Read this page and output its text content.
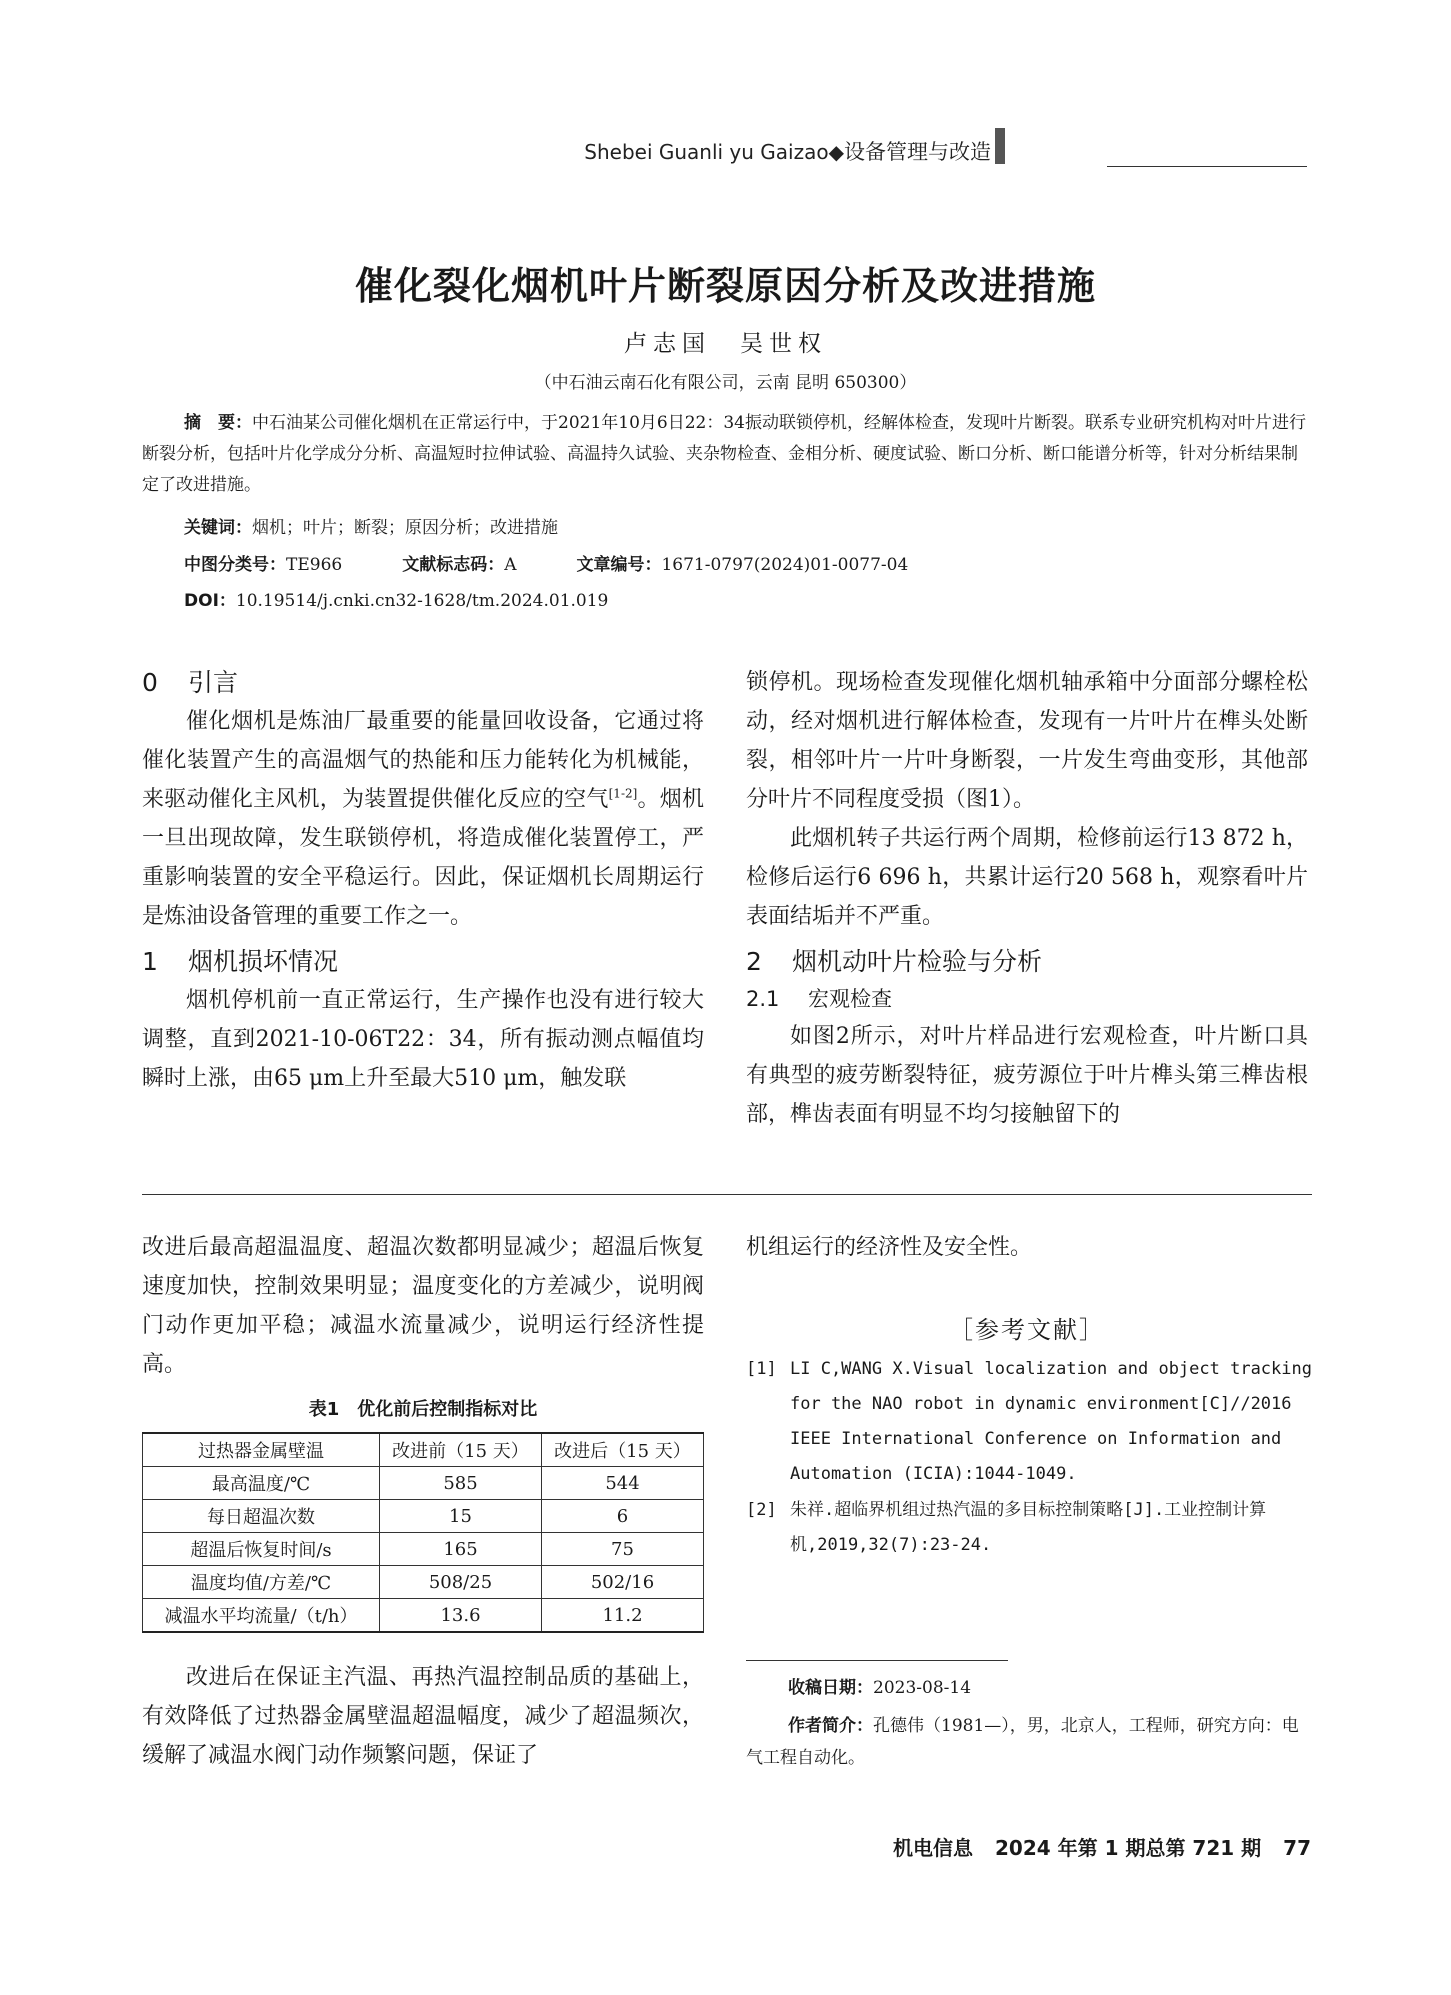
Shebei Guanli yu Gaizao◆设备管理与改造
催化裂化烟机叶片断裂原因分析及改进措施
卢志国　吴世权
（中石油云南石化有限公司，云南 昆明 650300）
摘　要：中石油某公司催化烟机在正常运行中，于2021年10月6日22：34振动联锁停机，经解体检查，发现叶片断裂。联系专业研究机构对叶片进行断裂分析，包括叶片化学成分分析、高温短时拉伸试验、高温持久试验、夹杂物检查、金相分析、硬度试验、断口分析、断口能谱分析等，针对分析结果制定了改进措施。
关键词：烟机；叶片；断裂；原因分析；改进措施
中图分类号：TE966	文献标志码：A	文章编号：1671-0797(2024)01-0077-04
DOI：10.19514/j.cnki.cn32-1628/tm.2024.01.019
0 引言
催化烟机是炼油厂最重要的能量回收设备，它通过将催化装置产生的高温烟气的热能和压力能转化为机械能，来驱动催化主风机，为装置提供催化反应的空气[1-2]。烟机一旦出现故障，发生联锁停机，将造成催化装置停工，严重影响装置的安全平稳运行。因此，保证烟机长周期运行是炼油设备管理的重要工作之一。
1 烟机损坏情况
烟机停机前一直正常运行，生产操作也没有进行较大调整，直到2021-10-06T22：34，所有振动测点幅值均瞬时上涨，由65 μm上升至最大510 μm，触发联
锁停机。现场检查发现催化烟机轴承箱中分面部分螺栓松动，经对烟机进行解体检查，发现有一片叶片在榫头处断裂，相邻叶片一片叶身断裂，一片发生弯曲变形，其他部分叶片不同程度受损（图1）。
此烟机转子共运行两个周期，检修前运行13 872 h，检修后运行6 696 h，共累计运行20 568 h，观察看叶片表面结垢并不严重。
2 烟机动叶片检验与分析
2.1 宏观检查
如图2所示，对叶片样品进行宏观检查，叶片断口具有典型的疲劳断裂特征，疲劳源位于叶片榫头第三榫齿根部，榫齿表面有明显不均匀接触留下的
改进后最高超温温度、超温次数都明显减少；超温后恢复速度加快，控制效果明显；温度变化的方差减少，说明阀门动作更加平稳；减温水流量减少，说明运行经济性提高。
表1　优化前后控制指标对比
过热器金属壁温	改进前（15 天）	改进后（15 天）
最高温度/℃	585	544
每日超温次数	15	6
超温后恢复时间/s	165	75
温度均值/方差/℃	508/25	502/16
减温水平均流量/（t/h）	13.6	11.2
改进后在保证主汽温、再热汽温控制品质的基础上，有效降低了过热器金属壁温超温幅度，减少了超温频次，缓解了减温水阀门动作频繁问题，保证了
机组运行的经济性及安全性。
［参考文献］
[1] LI C,WANG X.Visual localization and object tracking for the NAO robot in dynamic environment[C]//2016 IEEE International Conference on Information and Automation (ICIA):1044-1049.
[2] 朱祥.超临界机组过热汽温的多目标控制策略[J].工业控制计算机,2019,32(7):23-24.
收稿日期：2023-08-14
作者简介：孔德伟（1981—），男，北京人，工程师，研究方向：电气工程自动化。
机电信息 2024 年第 1 期总第 721 期 77
